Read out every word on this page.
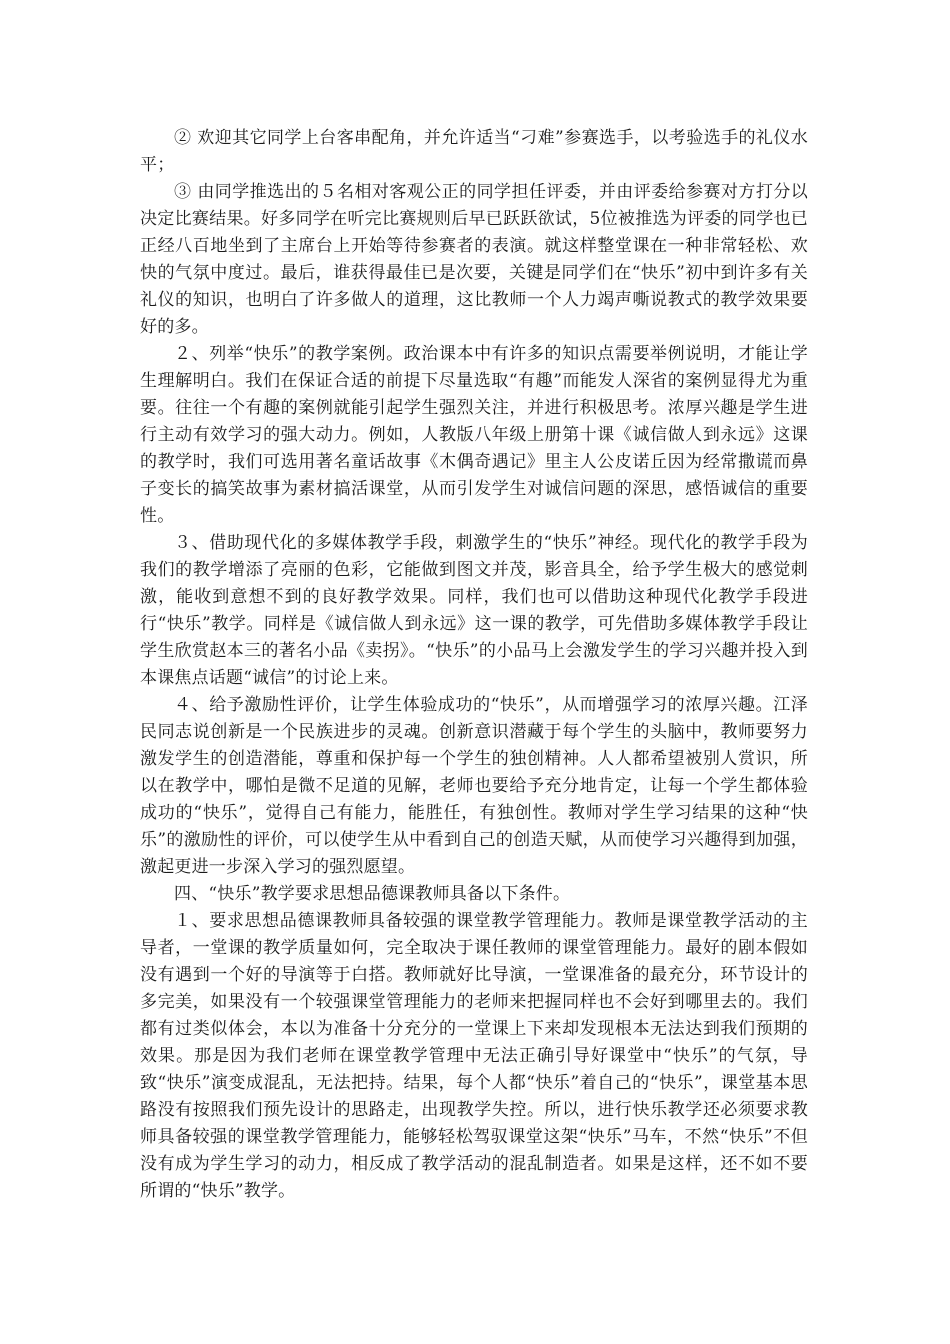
② 欢迎其它同学上台客串配角，并允许适当“刁难”参赛选手，以考验选手的礼仪水平；

③ 由同学推选出的５名相对客观公正的同学担任评委，并由评委给参赛对方打分以决定比赛结果。好多同学在听完比赛规则后早已跃跃欲试，5位被推选为评委的同学也已正经八百地坐到了主席台上开始等待参赛者的表演。就这样整堂课在一种非常轻松、欢快的气氛中度过。最后，谁获得最佳已是次要，关键是同学们在“快乐”初中到许多有关礼仪的知识，也明白了许多做人的道理，这比教师一个人力竭声嘶说教式的教学效果要好的多。

２、列举“快乐”的教学案例。政治课本中有许多的知识点需要举例说明，才能让学生理解明白。我们在保证合适的前提下尽量选取“有趣”而能发人深省的案例显得尤为重要。往往一个有趣的案例就能引起学生强烈关注，并进行积极思考。浓厚兴趣是学生进行主动有效学习的强大动力。例如，人教版八年级上册第十课《诚信做人到永远》这课的教学时，我们可选用著名童话故事《木偶奇遇记》里主人公皮诺丘因为经常撒谎而鼻子变长的搞笑故事为素材搞活课堂，从而引发学生对诚信问题的深思，感悟诚信的重要性。

３、借助现代化的多媒体教学手段，刺激学生的“快乐”神经。现代化的教学手段为我们的教学增添了亮丽的色彩，它能做到图文并茂，影音具全，给予学生极大的感觉刺激，能收到意想不到的良好教学效果。同样，我们也可以借助这种现代化教学手段进行“快乐”教学。同样是《诚信做人到永远》这一课的教学，可先借助多媒体教学手段让学生欣赏赵本三的著名小品《卖拐》。“快乐”的小品马上会激发学生的学习兴趣并投入到本课焦点话题“诚信”的讨论上来。

４、给予激励性评价，让学生体验成功的“快乐”，从而增强学习的浓厚兴趣。江泽民同志说创新是一个民族进步的灵魂。创新意识潜藏于每个学生的头脑中，教师要努力激发学生的创造潜能，尊重和保护每一个学生的独创精神。人人都希望被别人赏识，所以在教学中，哪怕是微不足道的见解，老师也要给予充分地肯定，让每一个学生都体验成功的“快乐”，觉得自己有能力，能胜任，有独创性。教师对学生学习结果的这种“快乐”的激励性的评价，可以使学生从中看到自己的创造天赋，从而使学习兴趣得到加强，激起更进一步深入学习的强烈愿望。

四、“快乐”教学要求思想品德课教师具备以下条件。

１、要求思想品德课教师具备较强的课堂教学管理能力。教师是课堂教学活动的主导者，一堂课的教学质量如何，完全取决于课任教师的课堂管理能力。最好的剧本假如没有遇到一个好的导演等于白搭。教师就好比导演，一堂课准备的最充分，环节设计的多完美，如果没有一个较强课堂管理能力的老师来把握同样也不会好到哪里去的。我们都有过类似体会，本以为准备十分充分的一堂课上下来却发现根本无法达到我们预期的效果。那是因为我们老师在课堂教学管理中无法正确引导好课堂中“快乐”的气氛，导致“快乐”演变成混乱，无法把持。结果，每个人都“快乐”着自己的“快乐”，课堂基本思路没有按照我们预先设计的思路走，出现教学失控。所以，进行快乐教学还必须要求教师具备较强的课堂教学管理能力，能够轻松驾驭课堂这架“快乐”马车，不然“快乐”不但没有成为学生学习的动力，相反成了教学活动的混乱制造者。如果是这样，还不如不要所谓的“快乐”教学。
